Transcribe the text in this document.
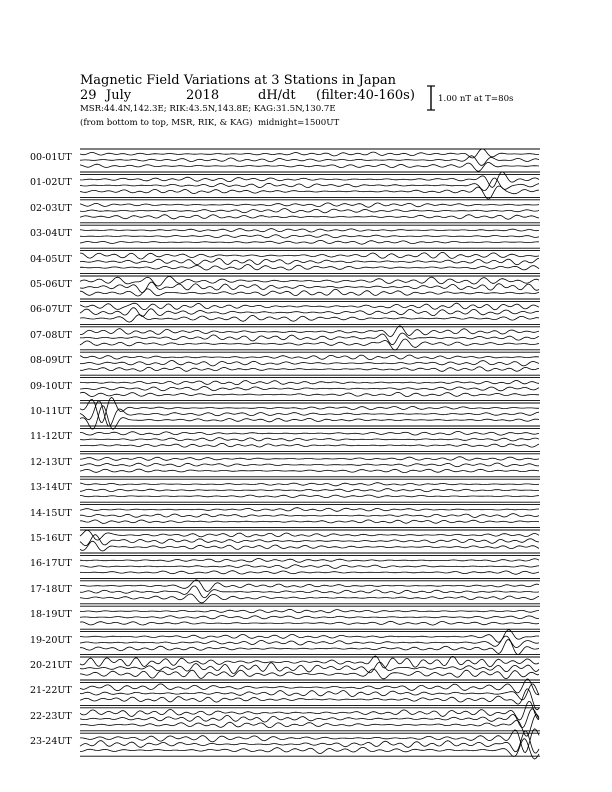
Magnetic Field Variations at 3 Stations in Japan
29 July	2018	dH/dt (filter:40-160s)
MSR:44.4N,142.3E; RIK:43.5N,143.8E; KAG:31.5N,130.7E
(from bottom to top, MSR, RIK, & KAG) midnight=1500UT
1.00 nT at T=80s
00-01UT
01-02UT
02-03UT
03-04UT
04-05UT
05-06UT
06-07UT
07-08UT
08-09UT
09-10UT
10-11UT
11-12UT
12-13UT
13-14UT
14-15UT
15-16UT
16-17UT
17-18UT
18-19UT
19-20UT
20-21UT
21-22UT
22-23UT
23-24UT
